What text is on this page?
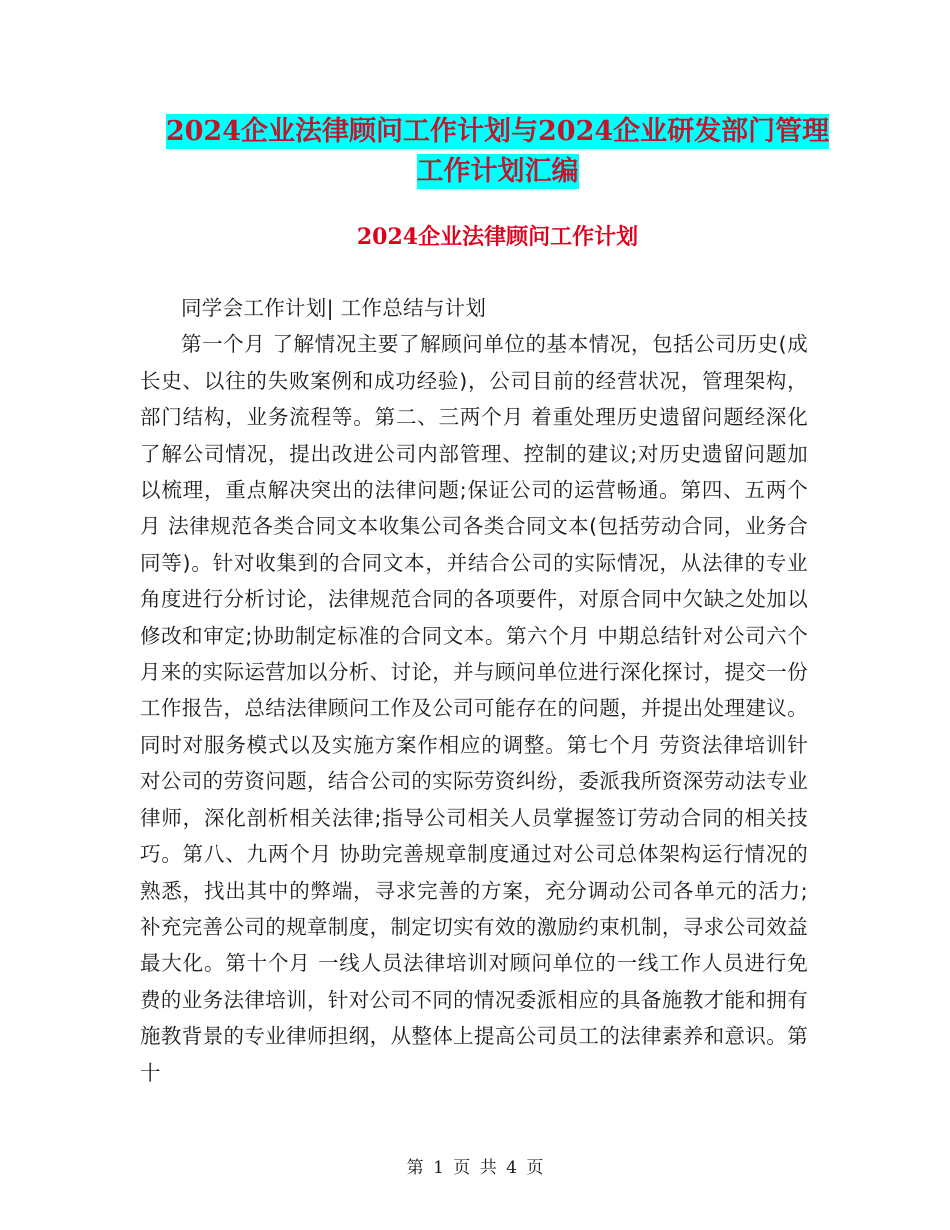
2024企业法律顾问工作计划与2024企业研发部门管理
工作计划汇编
2024企业法律顾问工作计划

同学会工作计划| 工作总结与计划

第一个月 了解情况主要了解顾问单位的基本情况，包括公司历史(成长史、以往的失败案例和成功经验)，公司目前的经营状况，管理架构，部门结构，业务流程等。第二、三两个月 着重处理历史遗留问题经深化了解公司情况，提出改进公司内部管理、控制的建议;对历史遗留问题加以梳理，重点解决突出的法律问题;保证公司的运营畅通。第四、五两个月 法律规范各类合同文本收集公司各类合同文本(包括劳动合同，业务合同等)。针对收集到的合同文本，并结合公司的实际情况，从法律的专业角度进行分析讨论，法律规范合同的各项要件，对原合同中欠缺之处加以修改和审定;协助制定标准的合同文本。第六个月 中期总结针对公司六个月来的实际运营加以分析、讨论，并与顾问单位进行深化探讨，提交一份工作报告，总结法律顾问工作及公司可能存在的问题，并提出处理建议。同时对服务模式以及实施方案作相应的调整。第七个月 劳资法律培训针对公司的劳资问题，结合公司的实际劳资纠纷，委派我所资深劳动法专业律师，深化剖析相关法律;指导公司相关人员掌握签订劳动合同的相关技巧。第八、九两个月 协助完善规章制度通过对公司总体架构运行情况的熟悉，找出其中的弊端，寻求完善的方案，充分调动公司各单元的活力;补充完善公司的规章制度，制定切实有效的激励约束机制，寻求公司效益最大化。第十个月 一线人员法律培训对顾问单位的一线工作人员进行免费的业务法律培训，针对公司不同的情况委派相应的具备施教才能和拥有施教背景的专业律师担纲，从整体上提高公司员工的法律素养和意识。第十

第 1 页 共 4 页
